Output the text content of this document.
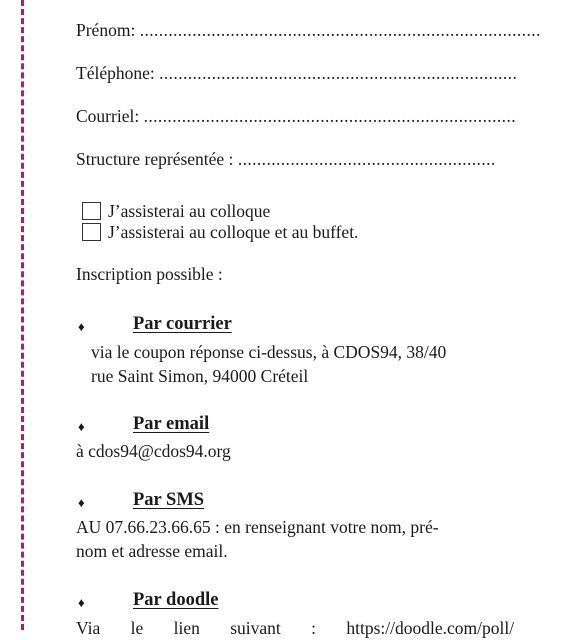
Prénom: ....................................................................................
Téléphone: ...........................................................................
Courriel: ..............................................................................
Structure représentée : ......................................................
J’assisterai au colloque
J’assisterai au colloque et au buffet.
Inscription possible :
♦	Par courrier
via le coupon réponse ci-dessus, à CDOS94, 38/40
rue Saint Simon, 94000 Créteil
♦	Par email
à cdos94@cdos94.org
♦	Par SMS
AU 07.66.23.66.65 : en renseignant votre nom, pré-
nom et adresse email.
♦	Par doodle
Via le lien suivant : https://doodle.com/poll/
